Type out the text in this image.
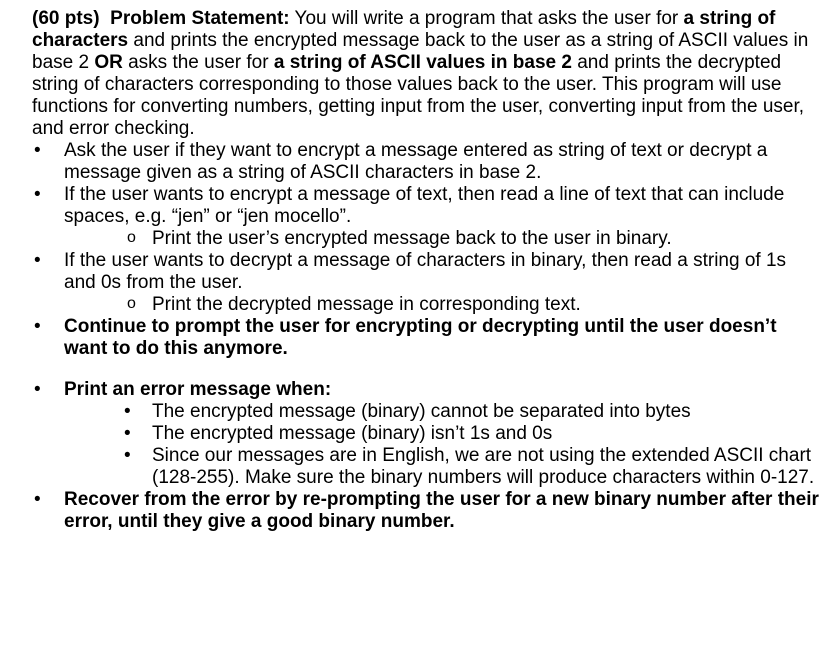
(60 pts) Problem Statement: You will write a program that asks the user for a string of characters and prints the encrypted message back to the user as a string of ASCII values in base 2 OR asks the user for a string of ASCII values in base 2 and prints the decrypted string of characters corresponding to those values back to the user. This program will use functions for converting numbers, getting input from the user, converting input from the user, and error checking.

• Ask the user if they want to encrypt a message entered as string of text or decrypt a message given as a string of ASCII characters in base 2.
• If the user wants to encrypt a message of text, then read a line of text that can include spaces, e.g. “jen” or “jen mocello”.
o Print the user’s encrypted message back to the user in binary.
• If the user wants to decrypt a message of characters in binary, then read a string of 1s and 0s from the user.
o Print the decrypted message in corresponding text.
• Continue to prompt the user for encrypting or decrypting until the user doesn’t want to do this anymore.
• Print an error message when:
• The encrypted message (binary) cannot be separated into bytes
• The encrypted message (binary) isn’t 1s and 0s
• Since our messages are in English, we are not using the extended ASCII chart (128-255). Make sure the binary numbers will produce characters within 0-127.
• Recover from the error by re-prompting the user for a new binary number after their error, until they give a good binary number.
